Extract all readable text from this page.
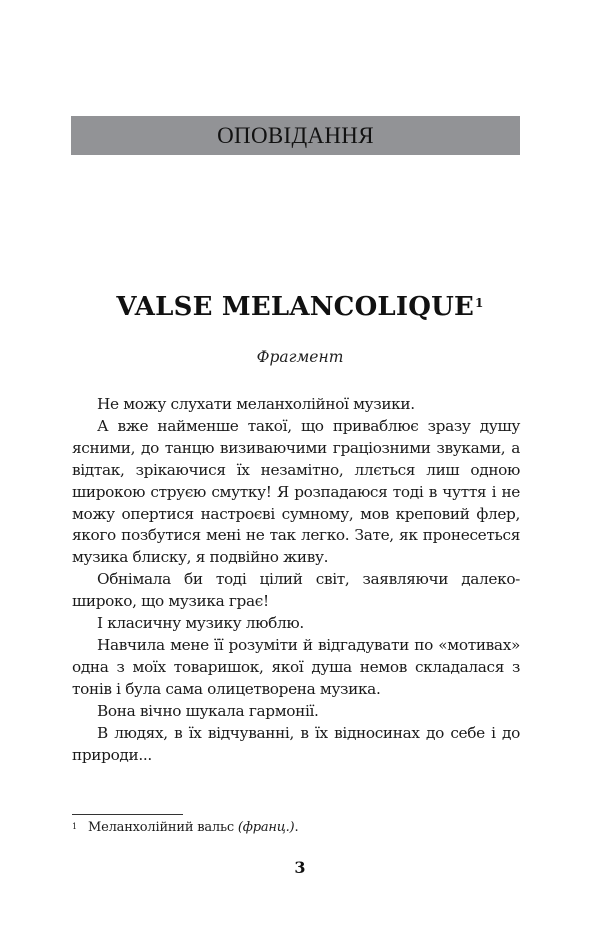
ОПОВІДАННЯ
VALSE MELANCOLIQUE$^1$
Фрагмент

Не можу слухати меланхолійної музики.

А вже найменше такої, що приваблює зразу душу ясними, до танцю визиваючими граціозними звуками, а відтак, зрікаючися їх незамітно, ллється лиш одною широкою струєю смутку! Я розпадаюся тоді в чуття і не можу опертися настроєві сумному, мов креповий флер, якого позбутися мені не так легко. Зате, як пронесеться музика блиску, я подвійно живу.

Обнімала би тоді цілий світ, заявляючи далеко-широко, що музика грає!

І класичну музику люблю.

Навчила мене її розуміти й відгадувати по «мотивах» одна з моїх товаришок, якої душа немов складалася з тонів і була сама олицетворена музика.

Вона вічно шукала гармонії.

В людях, в їх відчуванні, в їх відносинах до себе і до природи...

1 Меланхолійний вальс (франц.).
3
